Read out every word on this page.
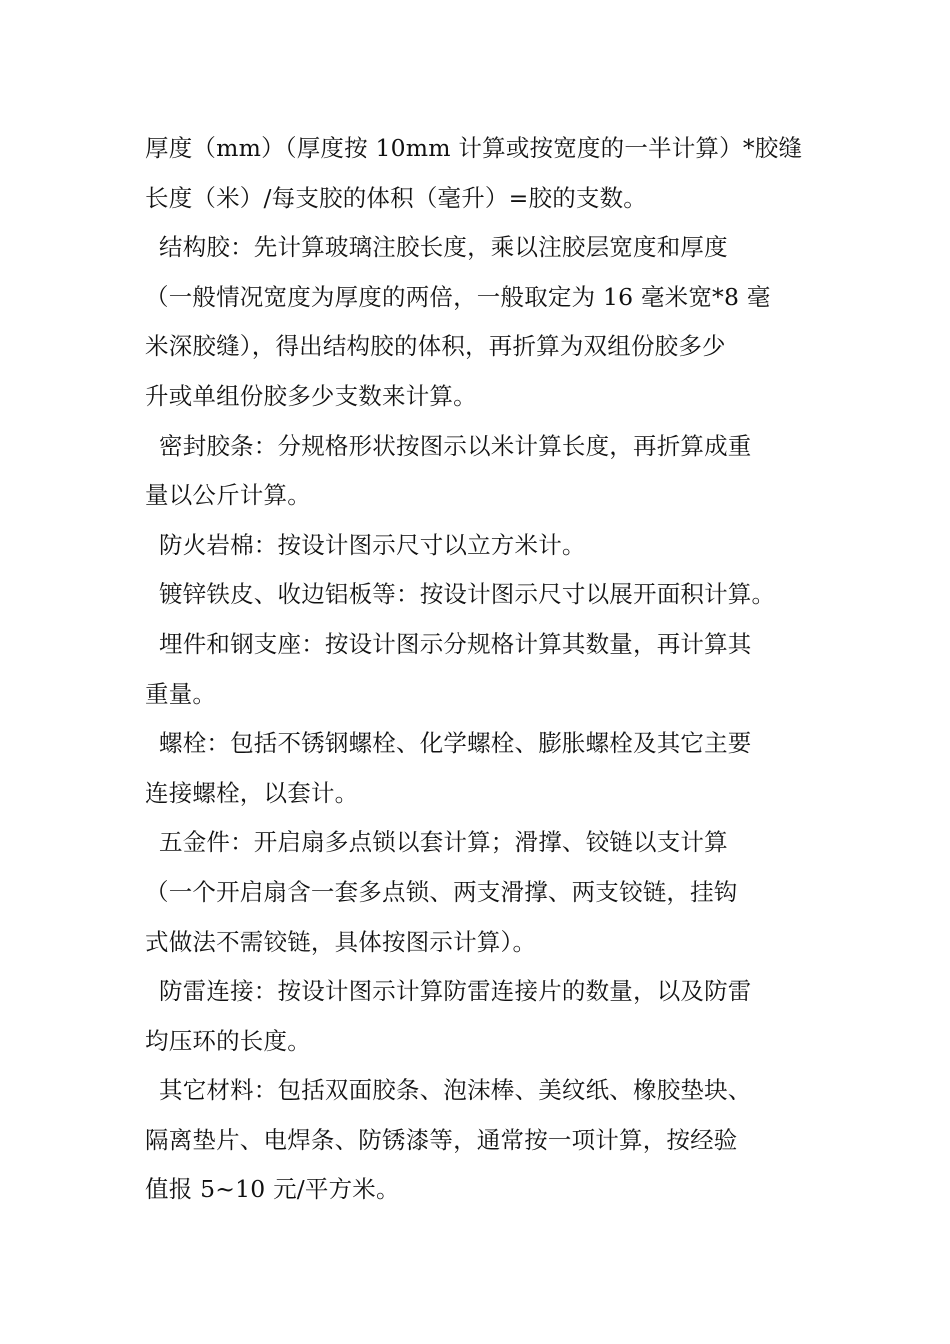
厚度（mm）（厚度按 10mm 计算或按宽度的一半计算）*胶缝
长度（米）/每支胶的体积（毫升）=胶的支数。
结构胶：先计算玻璃注胶长度，乘以注胶层宽度和厚度
（一般情况宽度为厚度的两倍，一般取定为 16 毫米宽*8 毫
米深胶缝），得出结构胶的体积，再折算为双组份胶多少
升或单组份胶多少支数来计算。
密封胶条：分规格形状按图示以米计算长度，再折算成重
量以公斤计算。
防火岩棉：按设计图示尺寸以立方米计。
镀锌铁皮、收边铝板等：按设计图示尺寸以展开面积计算。
埋件和钢支座：按设计图示分规格计算其数量，再计算其
重量。
螺栓：包括不锈钢螺栓、化学螺栓、膨胀螺栓及其它主要
连接螺栓，以套计。
五金件：开启扇多点锁以套计算；滑撑、铰链以支计算
（一个开启扇含一套多点锁、两支滑撑、两支铰链，挂钩
式做法不需铰链，具体按图示计算）。
防雷连接：按设计图示计算防雷连接片的数量，以及防雷
均压环的长度。
其它材料：包括双面胶条、泡沫棒、美纹纸、橡胶垫块、
隔离垫片、电焊条、防锈漆等，通常按一项计算，按经验
值报 5~10 元/平方米。
